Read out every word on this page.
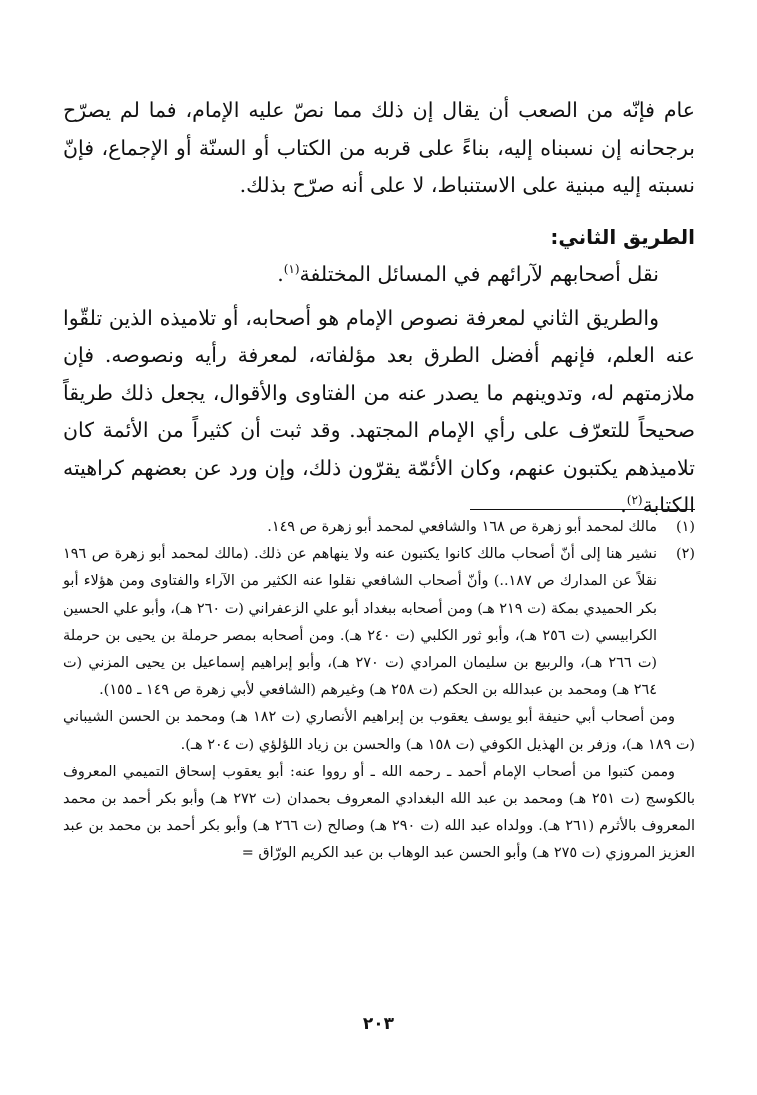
عام فإنّه من الصعب أن يقال إن ذلك مما نصّ عليه الإمام، فما لم يصرّح برجحانه إن نسبناه إليه، بناءً على قربه من الكتاب أو السنّة أو الإجماع، فإنّ نسبته إليه مبنية على الاستنباط، لا على أنه صرّح بذلك.

الطريق الثاني:

نقل أصحابهم لآرائهم في المسائل المختلفة$^{(١)}$.

والطريق الثاني لمعرفة نصوص الإمام هو أصحابه، أو تلاميذه الذين تلقّوا عنه العلم، فإنهم أفضل الطرق بعد مؤلفاته، لمعرفة رأيه ونصوصه. فإن ملازمتهم له، وتدوينهم ما يصدر عنه من الفتاوى والأقوال، يجعل ذلك طريقاً صحيحاً للتعرّف على رأي الإمام المجتهد. وقد ثبت أن كثيراً من الأئمة كان تلاميذهم يكتبون عنهم، وكان الأئمّة يقرّون ذلك، وإن ورد عن بعضهم كراهيته الكتابة$^{(٢)}$.

(١)مالك لمحمد أبو زهرة ص ١٦٨ والشافعي لمحمد أبو زهرة ص ١٤٩.

(٢)نشير هنا إلى أنّ أصحاب مالك كانوا يكتبون عنه ولا ينهاهم عن ذلك. (مالك لمحمد أبو زهرة ص ١٩٦ نقلاً عن المدارك ص ١٨٧..) وأنّ أصحاب الشافعي نقلوا عنه الكثير من الآراء والفتاوى ومن هؤلاء أبو بكر الحميدي بمكة (ت ٢١٩ هـ) ومن أصحابه ببغداد أبو علي الزعفراني (ت ٢٦٠ هـ)، وأبو علي الحسين الكرابيسي (ت ٢٥٦ هـ)، وأبو ثور الكلبي (ت ٢٤٠ هـ). ومن أصحابه بمصر حرملة بن يحيى بن حرملة (ت ٢٦٦ هـ)، والربيع بن سليمان المرادي (ت ٢٧٠ هـ)، وأبو إبراهيم إسماعيل بن يحيى المزني (ت ٢٦٤ هـ) ومحمد بن عبدالله بن الحكم (ت ٢٥٨ هـ) وغيرهم (الشافعي لأبي زهرة ص ١٤٩ ـ ١٥٥).

ومن أصحاب أبي حنيفة أبو يوسف يعقوب بن إبراهيم الأنصاري (ت ١٨٢ هـ) ومحمد بن الحسن الشيباني (ت ١٨٩ هـ)، وزفر بن الهذيل الكوفي (ت ١٥٨ هـ) والحسن بن زياد اللؤلؤي (ت ٢٠٤ هـ).

وممن كتبوا من أصحاب الإمام أحمد ـ رحمه الله ـ أو رووا عنه: أبو يعقوب إسحاق التميمي المعروف بالكوسج (ت ٢٥١ هـ) ومحمد بن عبد الله البغدادي المعروف بحمدان (ت ٢٧٢ هـ) وأبو بكر أحمد بن محمد المعروف بالأثرم (٢٦١ هـ). وولداه عبد الله (ت ٢٩٠ هـ) وصالح (ت ٢٦٦ هـ) وأبو بكر أحمد بن محمد بن عبد العزيز المروزي (ت ٢٧٥ هـ) وأبو الحسن عبد الوهاب بن عبد الكريم الورّاق =

٢٠٣
